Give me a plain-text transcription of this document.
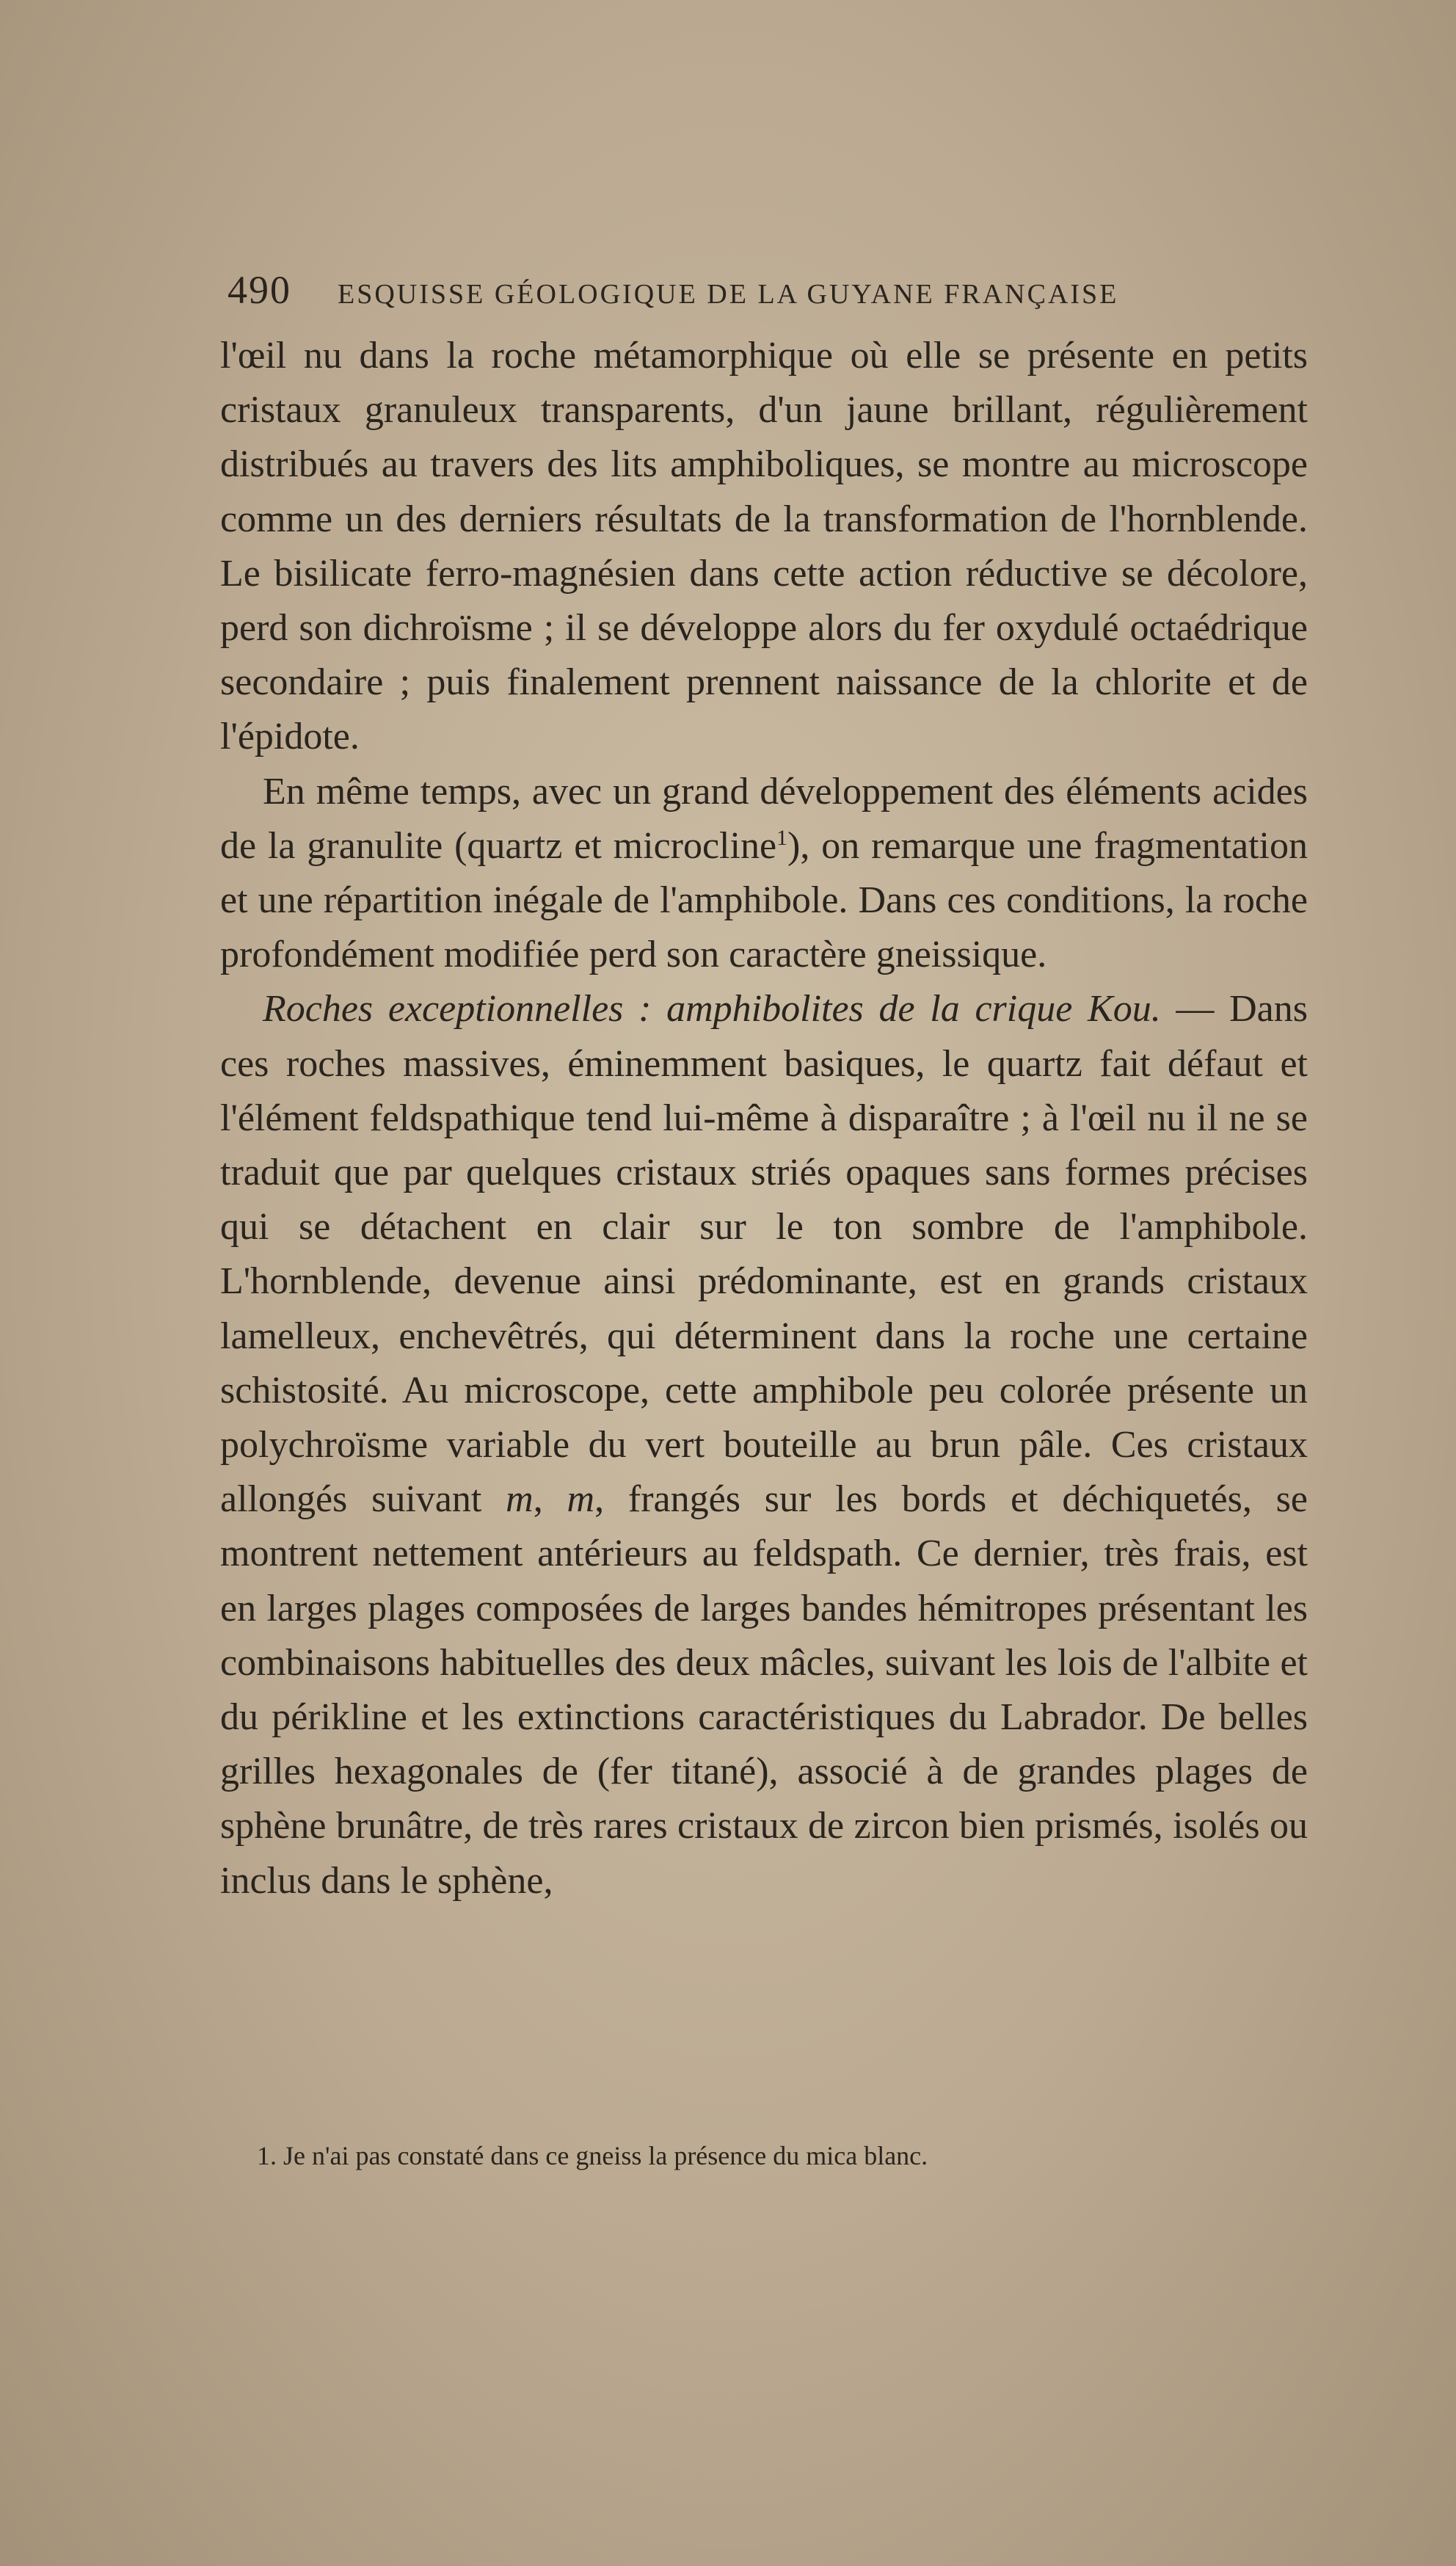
490 ESQUISSE GÉOLOGIQUE DE LA GUYANE FRANÇAISE

l'œil nu dans la roche métamorphique où elle se présente en petits cristaux granuleux transparents, d'un jaune brillant, régulièrement distribués au travers des lits amphiboliques, se montre au microscope comme un des derniers résultats de la transformation de l'hornblende. Le bisilicate ferro-magnésien dans cette action réductive se décolore, perd son dichroïsme ; il se développe alors du fer oxydulé octaédrique secondaire ; puis finalement prennent naissance de la chlorite et de l'épidote.

En même temps, avec un grand développement des éléments acides de la granulite (quartz et microcline$^1$), on remarque une fragmentation et une répartition inégale de l'amphibole. Dans ces conditions, la roche profondément modifiée perd son caractère gneissique.

Roches exceptionnelles : amphibolites de la crique Kou. — Dans ces roches massives, éminemment basiques, le quartz fait défaut et l'élément feldspathique tend lui-même à disparaître ; à l'œil nu il ne se traduit que par quelques cristaux striés opaques sans formes précises qui se détachent en clair sur le ton sombre de l'amphibole. L'hornblende, devenue ainsi prédominante, est en grands cristaux lamelleux, enchevêtrés, qui déterminent dans la roche une certaine schistosité. Au microscope, cette amphibole peu colorée présente un polychroïsme variable du vert bouteille au brun pâle. Ces cristaux allongés suivant m, m, frangés sur les bords et déchiquetés, se montrent nettement antérieurs au feldspath. Ce dernier, très frais, est en larges plages composées de larges bandes hémitropes présentant les combinaisons habituelles des deux mâcles, suivant les lois de l'albite et du périkline et les extinctions caractéristiques du Labrador. De belles grilles hexagonales de (fer titané), associé à de grandes plages de sphène brunâtre, de très rares cristaux de zircon bien prismés, isolés ou inclus dans le sphène,

1. Je n'ai pas constaté dans ce gneiss la présence du mica blanc.
